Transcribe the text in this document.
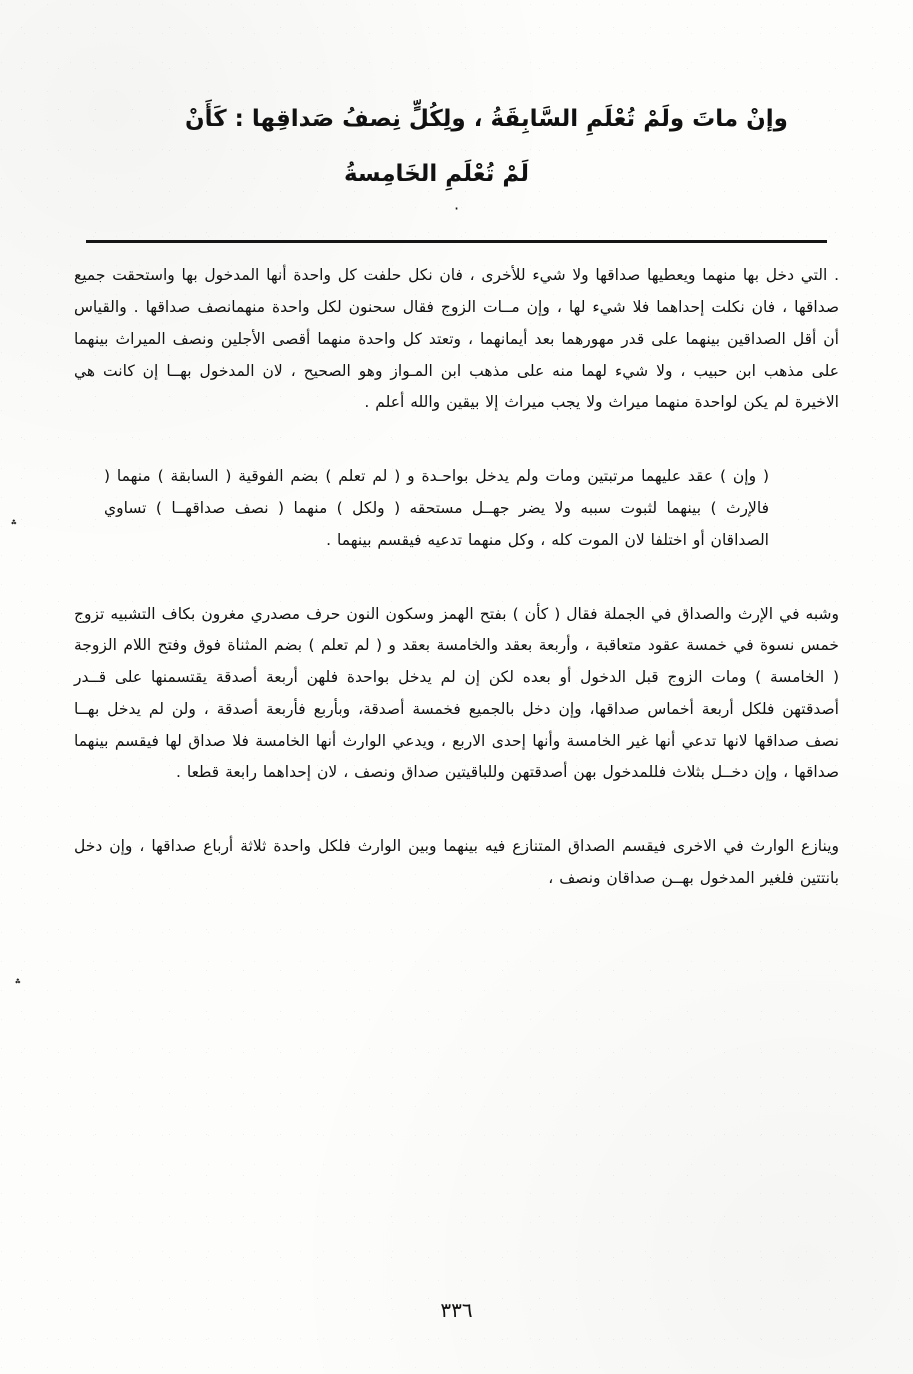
وإنْ ماتَ ولَمْ تُعْلَمِ السَّابِقَةُ ، ولِكُلٍّ نِصفُ صَداقِها : كَأَنْ
لَمْ تُعْلَمِ الخَامِسةُ
·

. التي دخل بها منهما ويعطيها صداقها ولا شيء للأخرى ، فان نكل حلفت كل واحدة أنها المدخول بها واستحقت جميع صداقها ، فان نكلت إحداهما فلا شيء لها ، وإن مــات الزوج فقال سحنون لكل واحدة منهمانصف صداقها . والقياس أن أقل الصداقين بينهما على قدر مهورهما بعد أيمانهما ، وتعتد كل واحدة منهما أقصى الأجلين ونصف الميراث بينهما على مذهب ابن حبيب ، ولا شيء لهما منه على مذهب ابن المـواز وهو الصحيح ، لان المدخول بهــا إن كانت هي الاخيرة لم يكن لواحدة منهما ميراث ولا يجب ميراث إلا بيقين والله أعلم .

( وإن ) عقد عليهما مرتبتين ومات ولم يدخل بواحـدة و ( لم تعلم ) بضم الفوقية ( السابقة ) منهما ( فالإرث ) بينهما لثبوت سببه ولا يضر جهــل مستحقه ( ولكل ) منهما ( نصف صداقهــا ) تساوي الصداقان أو اختلفا لان الموت كله ، وكل منهما تدعيه فيقسم بينهما .

وشبه في الإرث والصداق في الجملة فقال ( كأن ) بفتح الهمز وسكون النون حرف مصدري مغرون بكاف التشبيه تزوج خمس نسوة في خمسة عقود متعاقبة ، وأربعة بعقد والخامسة بعقد و ( لم تعلم ) بضم المثناة فوق وفتح اللام الزوجة ( الخامسة ) ومات الزوج قبل الدخول أو بعده لكن إن لم يدخل بواحدة فلهن أربعة أصدقة يقتسمنها على قــدر أصدقتهن فلكل أربعة أخماس صداقها، وإن دخل بالجميع فخمسة أصدقة، وبأربع فأربعة أصدقة ، ولن لم يدخل بهــا نصف صداقها لانها تدعي أنها غير الخامسة وأنها إحدى الاربع ، ويدعي الوارث أنها الخامسة فلا صداق لها فيقسم بينهما صداقها ، وإن دخــل بثلاث فللمدخول بهن أصدقتهن وللباقيتين صداق ونصف ، لان إحداهما رابعة قطعا .

وينازع الوارث في الاخرى فيقسم الصداق المتنازع فيه بينهما وبين الوارث فلكل واحدة ثلاثة أرباع صداقها ، وإن دخل بانتتين فلغير المدخول بهــن صداقان ونصف ،

؞
؞
٣٣٦
